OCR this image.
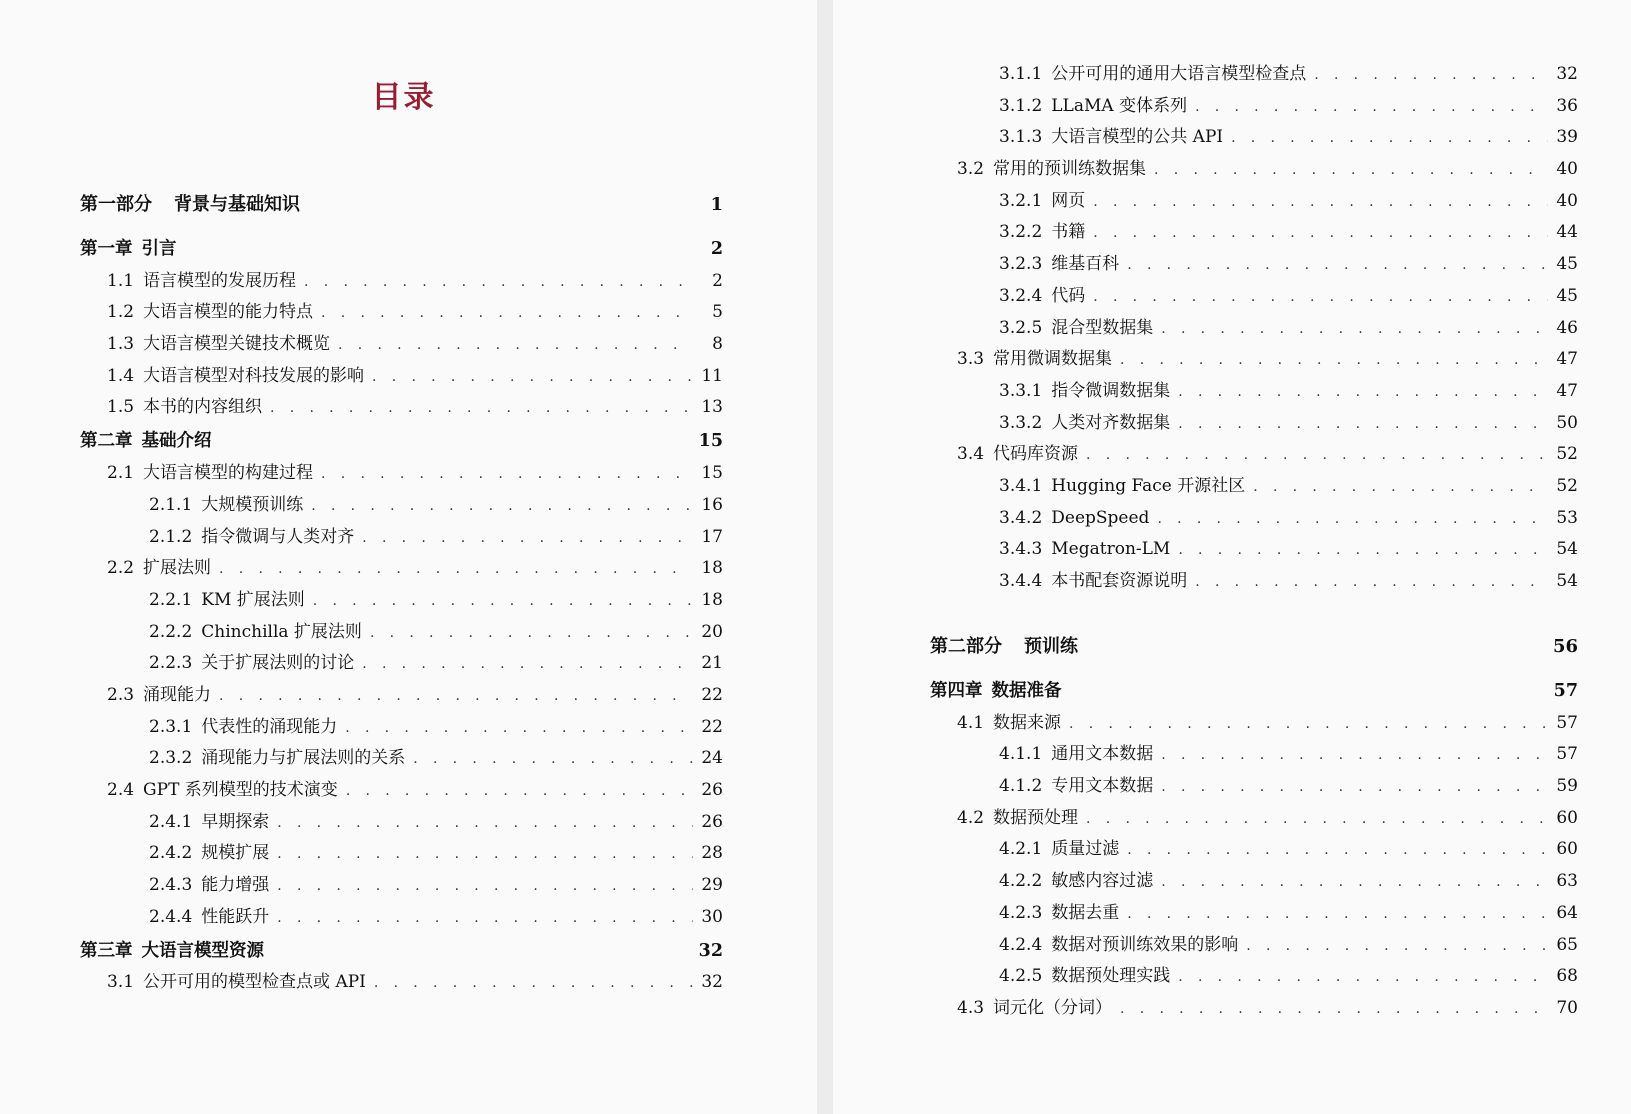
目录
第一部分 背景与基础知识	1
第一章 引言	2
1.1 语言模型的发展历程 . . .	2
1.2 大语言模型的能力特点 . . .	5
1.3 大语言模型关键技术概览 . . .	8
1.4 大语言模型对科技发展的影响 . . .	11
1.5 本书的内容组织 . . .	13
第二章 基础介绍	15
2.1 大语言模型的构建过程 . . .	15
2.1.1 大规模预训练 . . .	16
2.1.2 指令微调与人类对齐 . . .	17
2.2 扩展法则 . . .	18
2.2.1 KM 扩展法则 . . .	18
2.2.2 Chinchilla 扩展法则 . . .	20
2.2.3 关于扩展法则的讨论 . . .	21
2.3 涌现能力 . . .	22
2.3.1 代表性的涌现能力 . . .	22
2.3.2 涌现能力与扩展法则的关系 . . .	24
2.4 GPT 系列模型的技术演变 . . .	26
2.4.1 早期探索 . . .	26
2.4.2 规模扩展 . . .	28
2.4.3 能力增强 . . .	29
2.4.4 性能跃升 . . .	30
第三章 大语言模型资源	32
3.1 公开可用的模型检查点或 API . . .	32
3.1.1 公开可用的通用大语言模型检查点 . . .	32
3.1.2 LLaMA 变体系列 . . .	36
3.1.3 大语言模型的公共 API . . .	39
3.2 常用的预训练数据集 . . .	40
3.2.1 网页 . . .	40
3.2.2 书籍 . . .	44
3.2.3 维基百科 . . .	45
3.2.4 代码 . . .	45
3.2.5 混合型数据集 . . .	46
3.3 常用微调数据集 . . .	47
3.3.1 指令微调数据集 . . .	47
3.3.2 人类对齐数据集 . . .	50
3.4 代码库资源 . . .	52
3.4.1 Hugging Face 开源社区 . . .	52
3.4.2 DeepSpeed . . .	53
3.4.3 Megatron-LM . . .	54
3.4.4 本书配套资源说明 . . .	54
第二部分 预训练	56
第四章 数据准备	57
4.1 数据来源 . . .	57
4.1.1 通用文本数据 . . .	57
4.1.2 专用文本数据 . . .	59
4.2 数据预处理 . . .	60
4.2.1 质量过滤 . . .	60
4.2.2 敏感内容过滤 . . .	63
4.2.3 数据去重 . . .	64
4.2.4 数据对预训练效果的影响 . . .	65
4.2.5 数据预处理实践 . . .	68
4.3 词元化（分词） . . .	70
